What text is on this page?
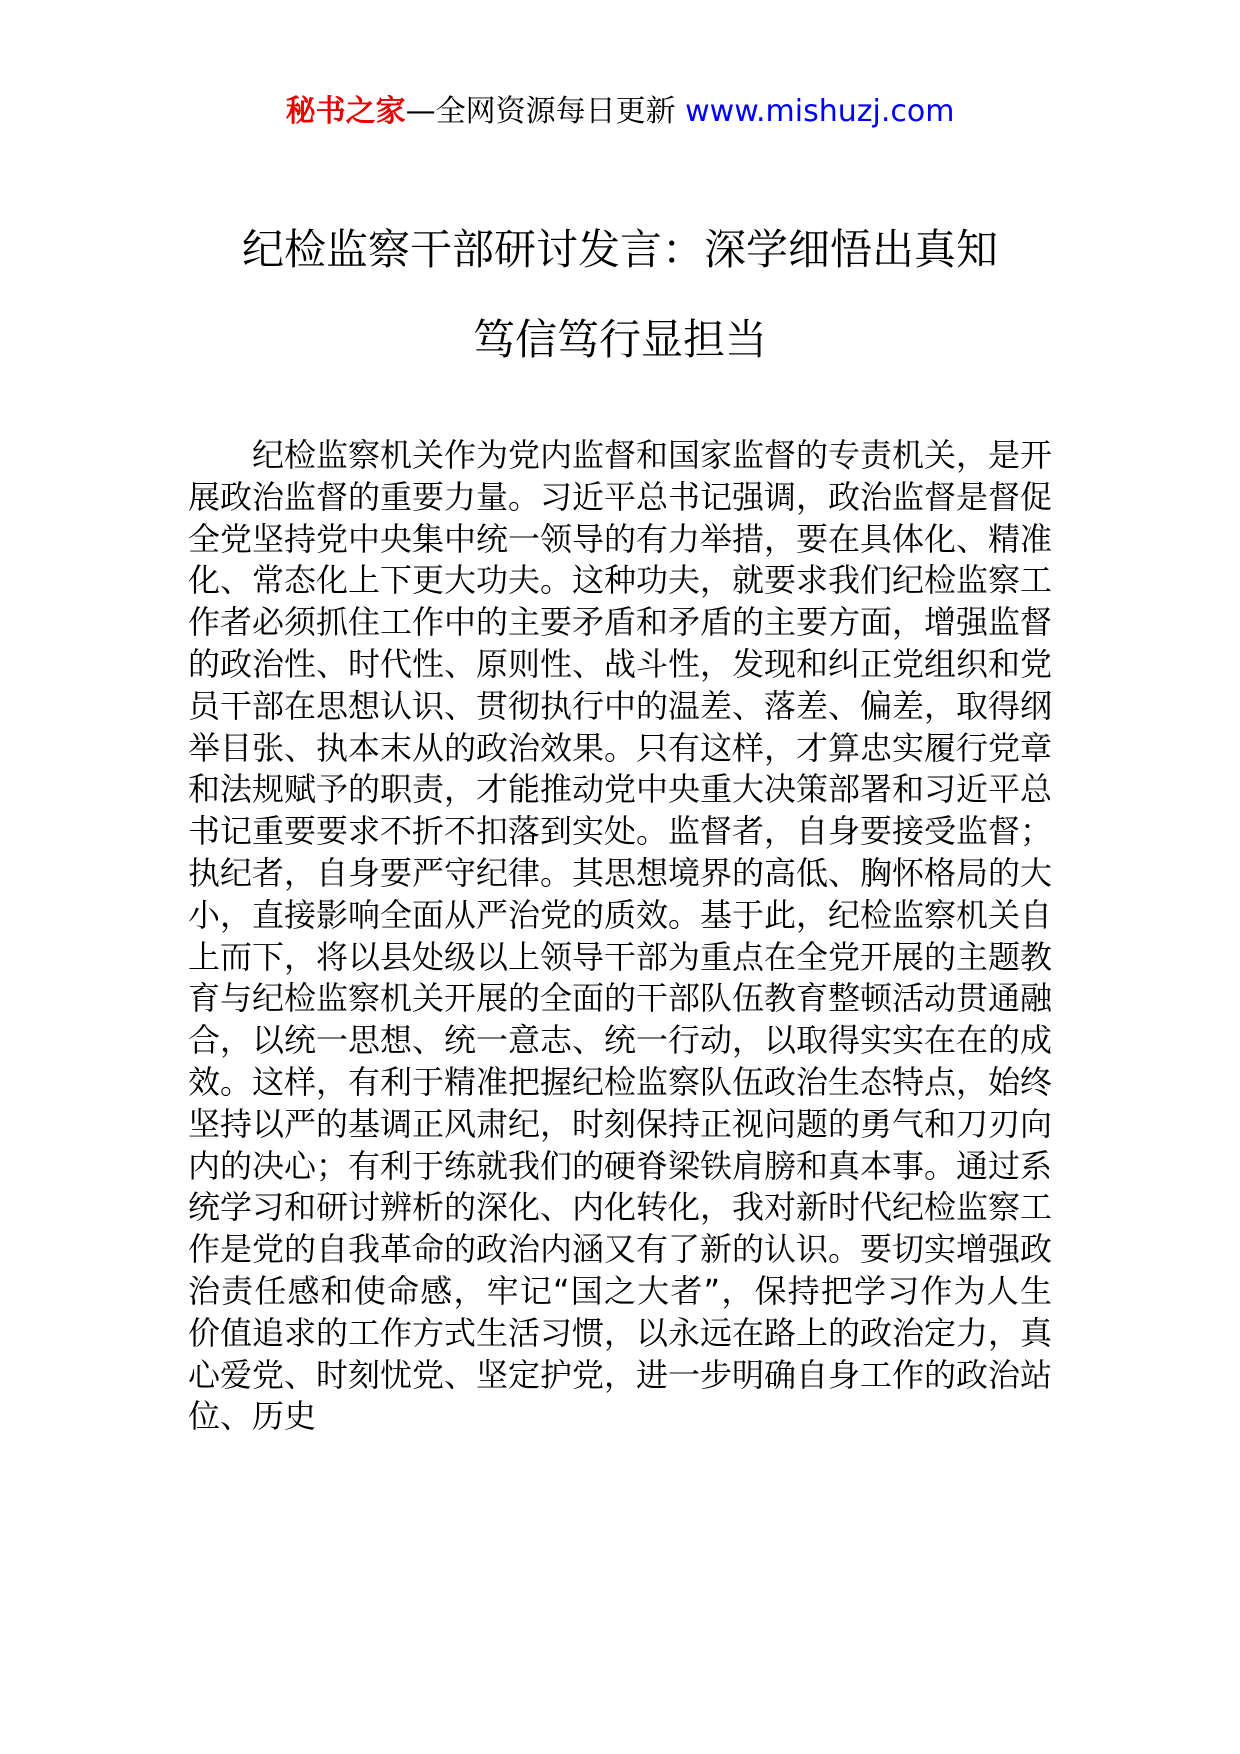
秘书之家—全网资源每日更新 www.mishuzj.com
纪检监察干部研讨发言：深学细悟出真知
笃信笃行显担当

纪检监察机关作为党内监督和国家监督的专责机关，是开展政治监督的重要力量。习近平总书记强调，政治监督是督促全党坚持党中央集中统一领导的有力举措，要在具体化、精准化、常态化上下更大功夫。这种功夫，就要求我们纪检监察工作者必须抓住工作中的主要矛盾和矛盾的主要方面，增强监督的政治性、时代性、原则性、战斗性，发现和纠正党组织和党员干部在思想认识、贯彻执行中的温差、落差、偏差，取得纲举目张、执本末从的政治效果。只有这样，才算忠实履行党章和法规赋予的职责，才能推动党中央重大决策部署和习近平总书记重要要求不折不扣落到实处。监督者，自身要接受监督；执纪者，自身要严守纪律。其思想境界的高低、胸怀格局的大小，直接影响全面从严治党的质效。基于此，纪检监察机关自上而下，将以县处级以上领导干部为重点在全党开展的主题教育与纪检监察机关开展的全面的干部队伍教育整顿活动贯通融合，以统一思想、统一意志、统一行动，以取得实实在在的成效。这样，有利于精准把握纪检监察队伍政治生态特点，始终坚持以严的基调正风肃纪，时刻保持正视问题的勇气和刀刃向内的决心；有利于练就我们的硬脊梁铁肩膀和真本事。通过系统学习和研讨辨析的深化、内化转化，我对新时代纪检监察工作是党的自我革命的政治内涵又有了新的认识。要切实增强政治责任感和使命感，牢记“国之大者”，保持把学习作为人生价值追求的工作方式生活习惯，以永远在路上的政治定力，真心爱党、时刻忧党、坚定护党，进一步明确自身工作的政治站位、历史
